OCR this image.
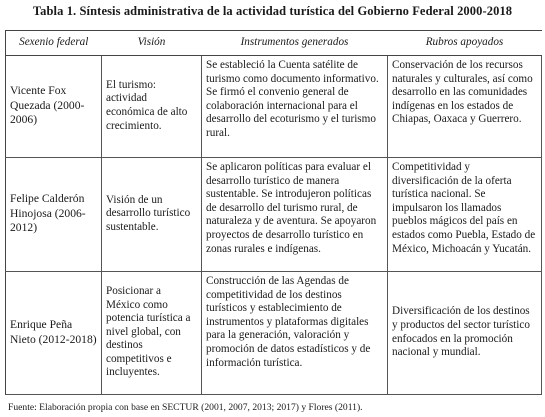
Tabla 1. Síntesis administrativa de la actividad turística del Gobierno Federal 2000-2018
Sexenio federal	Visión	Instrumentos generados	Rubros apoyados
Vicente Fox Quezada (2000-2006)	El turismo: actividad económica de alto crecimiento.	Se estableció la Cuenta satélite de turismo como documento informativo. Se firmó el convenio general de colaboración internacional para el desarrollo del ecoturismo y el turismo rural.	Conservación de los recursos naturales y culturales, así como desarrollo en las comunidades indígenas en los estados de Chiapas, Oaxaca y Guerrero.
Felipe Calderón Hinojosa (2006-2012)	Visión de un desarrollo turístico sustentable.	Se aplicaron políticas para evaluar el desarrollo turístico de manera sustentable. Se introdujeron políticas de desarrollo del turismo rural, de naturaleza y de aventura. Se apoyaron proyectos de desarrollo turístico en zonas rurales e indígenas.	Competitividad y diversificación de la oferta turística nacional. Se impulsaron los llamados pueblos mágicos del país en estados como Puebla, Estado de México, Michoacán y Yucatán.
Enrique Peña Nieto (2012-2018)	Posicionar a México como potencia turística a nivel global, con destinos competitivos e incluyentes.	Construcción de las Agendas de competitividad de los destinos turísticos y establecimiento de instrumentos y plataformas digitales para la generación, valoración y promoción de datos estadísticos y de información turística.	Diversificación de los destinos y productos del sector turístico enfocados en la promoción nacional y mundial.
Fuente: Elaboración propia con base en SECTUR (2001, 2007, 2013; 2017) y Flores (2011).
